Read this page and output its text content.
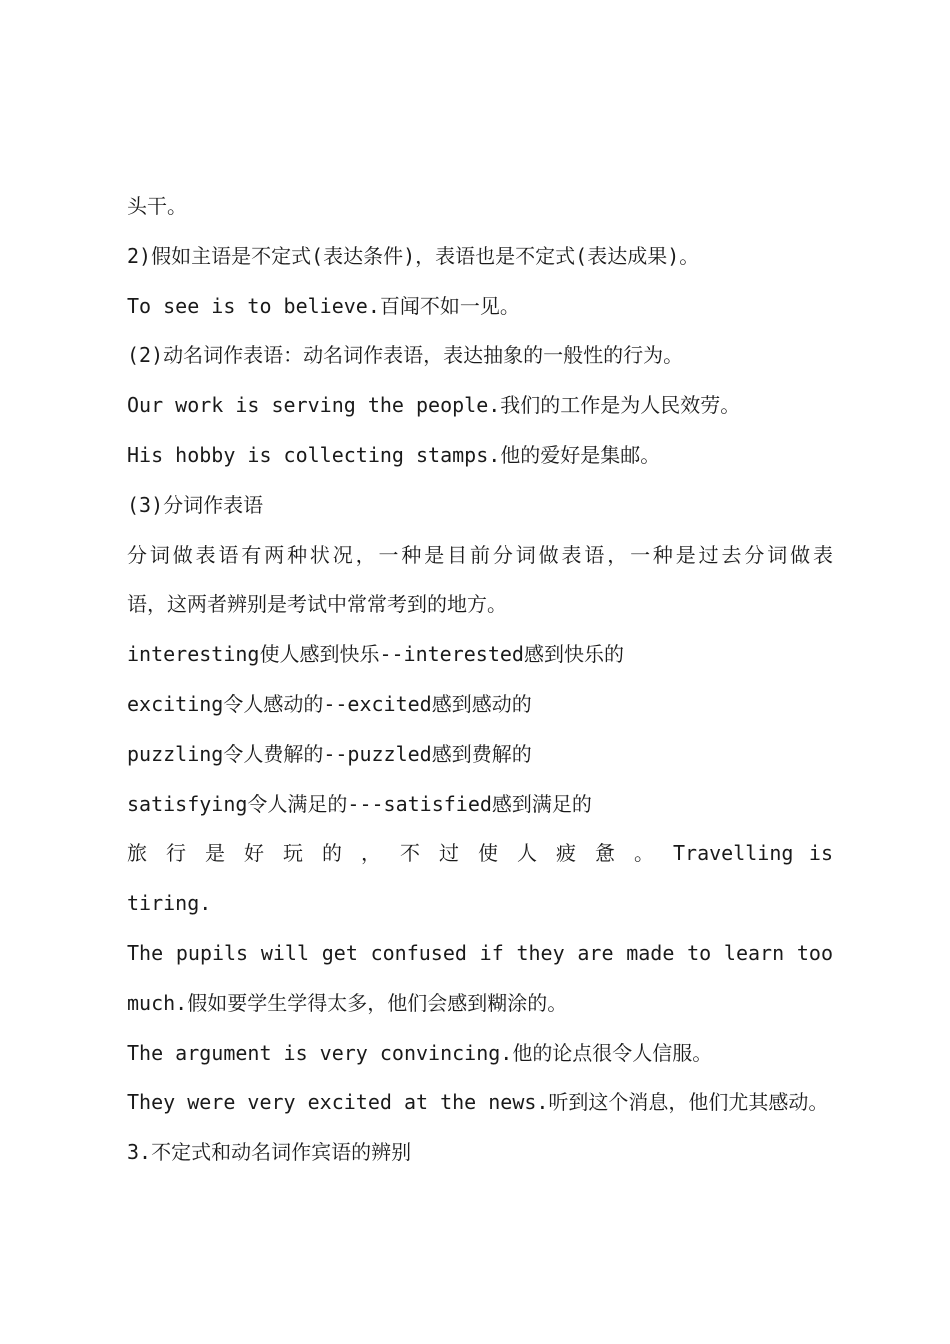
头干。
2)假如主语是不定式(表达条件)，表语也是不定式(表达成果)。
To see is to believe.百闻不如一见。
(2)动名词作表语：动名词作表语，表达抽象的一般性的行为。
Our work is serving the people.我们的工作是为人民效劳。
His hobby is collecting stamps.他的爱好是集邮。
(3)分词作表语
分词做表语有两种状况，一种是目前分词做表语，一种是过去分词做表
语，这两者辨别是考试中常常考到的地方。
interesting使人感到快乐--interested感到快乐的
exciting令人感动的--excited感到感动的
puzzling令人费解的--puzzled感到费解的
satisfying令人满足的---satisfied感到满足的
旅 行 是 好 玩 的 ， 不 过 使 人 疲 惫 。 Travelling is
tiring.
The pupils will get confused if they are made to learn too
much.假如要学生学得太多，他们会感到糊涂的。
The argument is very convincing.他的论点很令人信服。
They were very excited at the news.听到这个消息，他们尤其感动。
3.不定式和动名词作宾语的辨别
